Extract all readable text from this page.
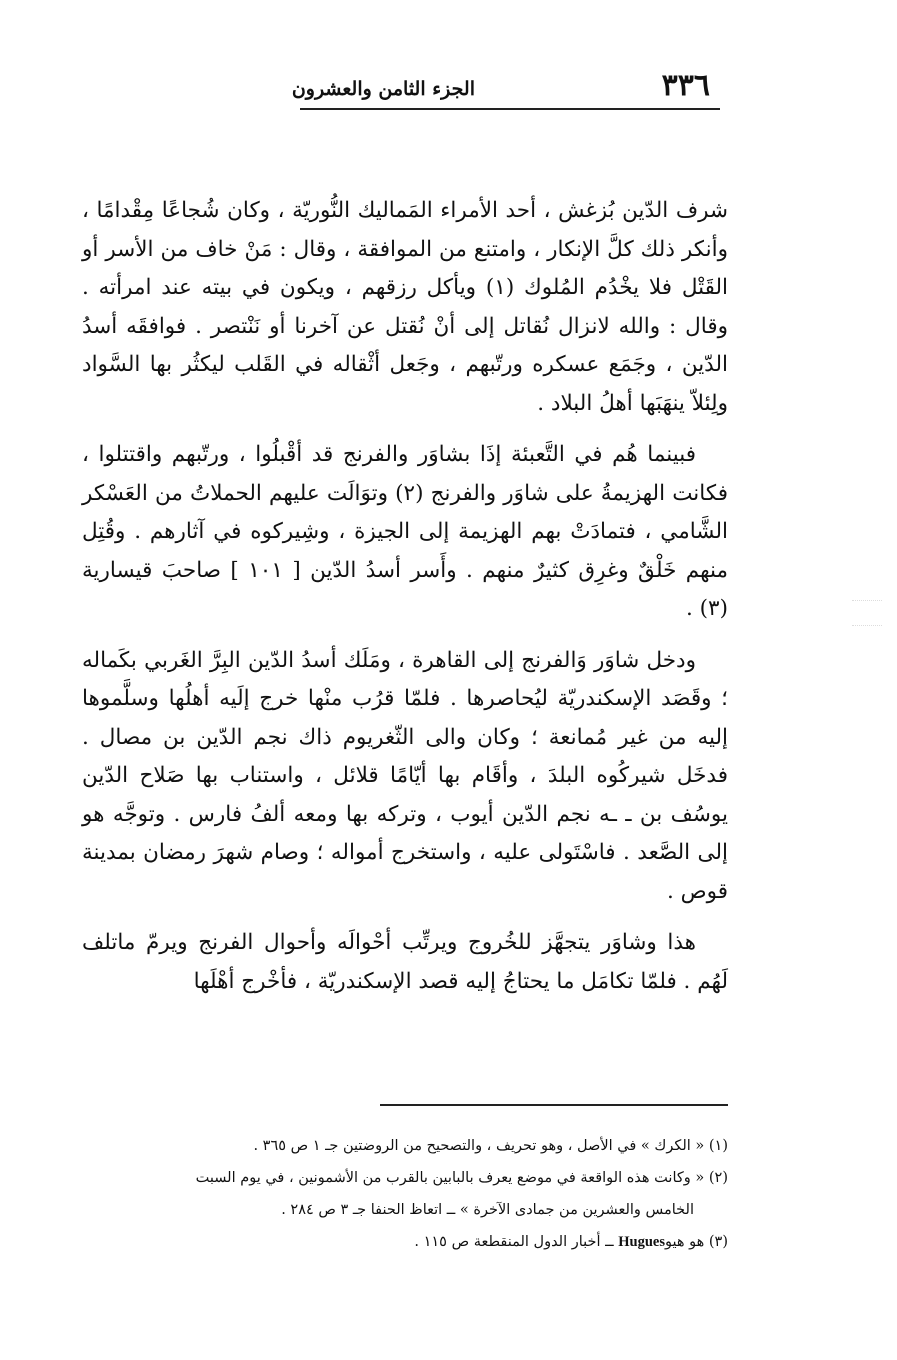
٣٣٦
الجزء الثامن والعشرون

شرف الدّين بُزغش ، أحد الأمراء المَماليك النُّوريّة ، وكان شُجاعًا مِقْدامًا ، وأنكر ذلك كلَّ الإنكار ، وامتنع من الموافقة ، وقال : مَنْ خاف من الأسر أو القَتْل فلا يخْدُم المُلوك (١) ويأكل رزقهم ، ويكون في بيته عند امرأته . وقال : والله لانزال نُقاتل إلى أنْ نُقتل عن آخرنا أو نَنْتصر . فوافقَه أسدُ الدّين ، وجَمَع عسكره ورتّبهم ، وجَعل أثْقاله في القَلب ليكثُر بها السَّواد ولِئلاّ ينهَبَها أهلُ البلاد .

فبينما هُم في التَّعبئة إذَا بشاوَر والفرنج قد أقْبلُوا ، ورتّبهم واقتتلوا ، فكانت الهزيمةُ على شاوَر والفرنج (٢) وتوَالَت عليهم الحملاتُ من العَسْكر الشَّامي ، فتمادَتْ بهم الهزيمة إلى الجيزة ، وشِيركوه في آثارهم . وقُتِل منهم خَلْقٌ وغرِق كثيرٌ منهم . وأَسر أسدُ الدّين [ ١٠١ ] صاحبَ قيسارية (٣) .

ودخل شاوَر وَالفرنج إلى القاهرة ، ومَلَك أسدُ الدّين البِرَّ الغَربي بكَماله ؛ وقَصَد الإسكندريّة ليُحاصرها . فلمّا قرُب منْها خرج إلَيه أهلُها وسلَّموها إليه من غير مُمانعة ؛ وكان والى الثّغريوم ذاك نجم الدّين بن مصال . فدخَل شيركُوه البلدَ ، وأقَام بها أيّامًا قلائل ، واستناب بها صَلاح الدّين يوسُف بن ـ ـه نجم الدّين أيوب ، وتركه بها ومعه ألفُ فارس . وتوجَّه هو إلى الصَّعد . فاسْتَولى عليه ، واستخرج أمواله ؛ وصام شهرَ رمضان بمدينة قوص .

هذا وشاوَر يتجهَّز للخُروج ويرتِّب أحْوالَه وأحوال الفرنج ويرمّ ماتلف لَهُم . فلمّا تكامَل ما يحتاجُ إليه قصد الإسكندريّة ، فأخْرج أهْلَها

(١) « الكرك » في الأصل ، وهو تحريف ، والتصحيح من الروضتين جـ ١ ص ٣٦٥ .

(٢) « وكانت هذه الواقعة في موضع يعرف بالبابين بالقرب من الأشمونين ، في يوم السبت

الخامس والعشرين من جمادى الآخرة » ــ اتعاظ الحنفا جـ ٣ ص ٢٨٤ .

(٣) هو هيوHugues ــ أخبار الدول المنقطعة ص ١١٥ .
